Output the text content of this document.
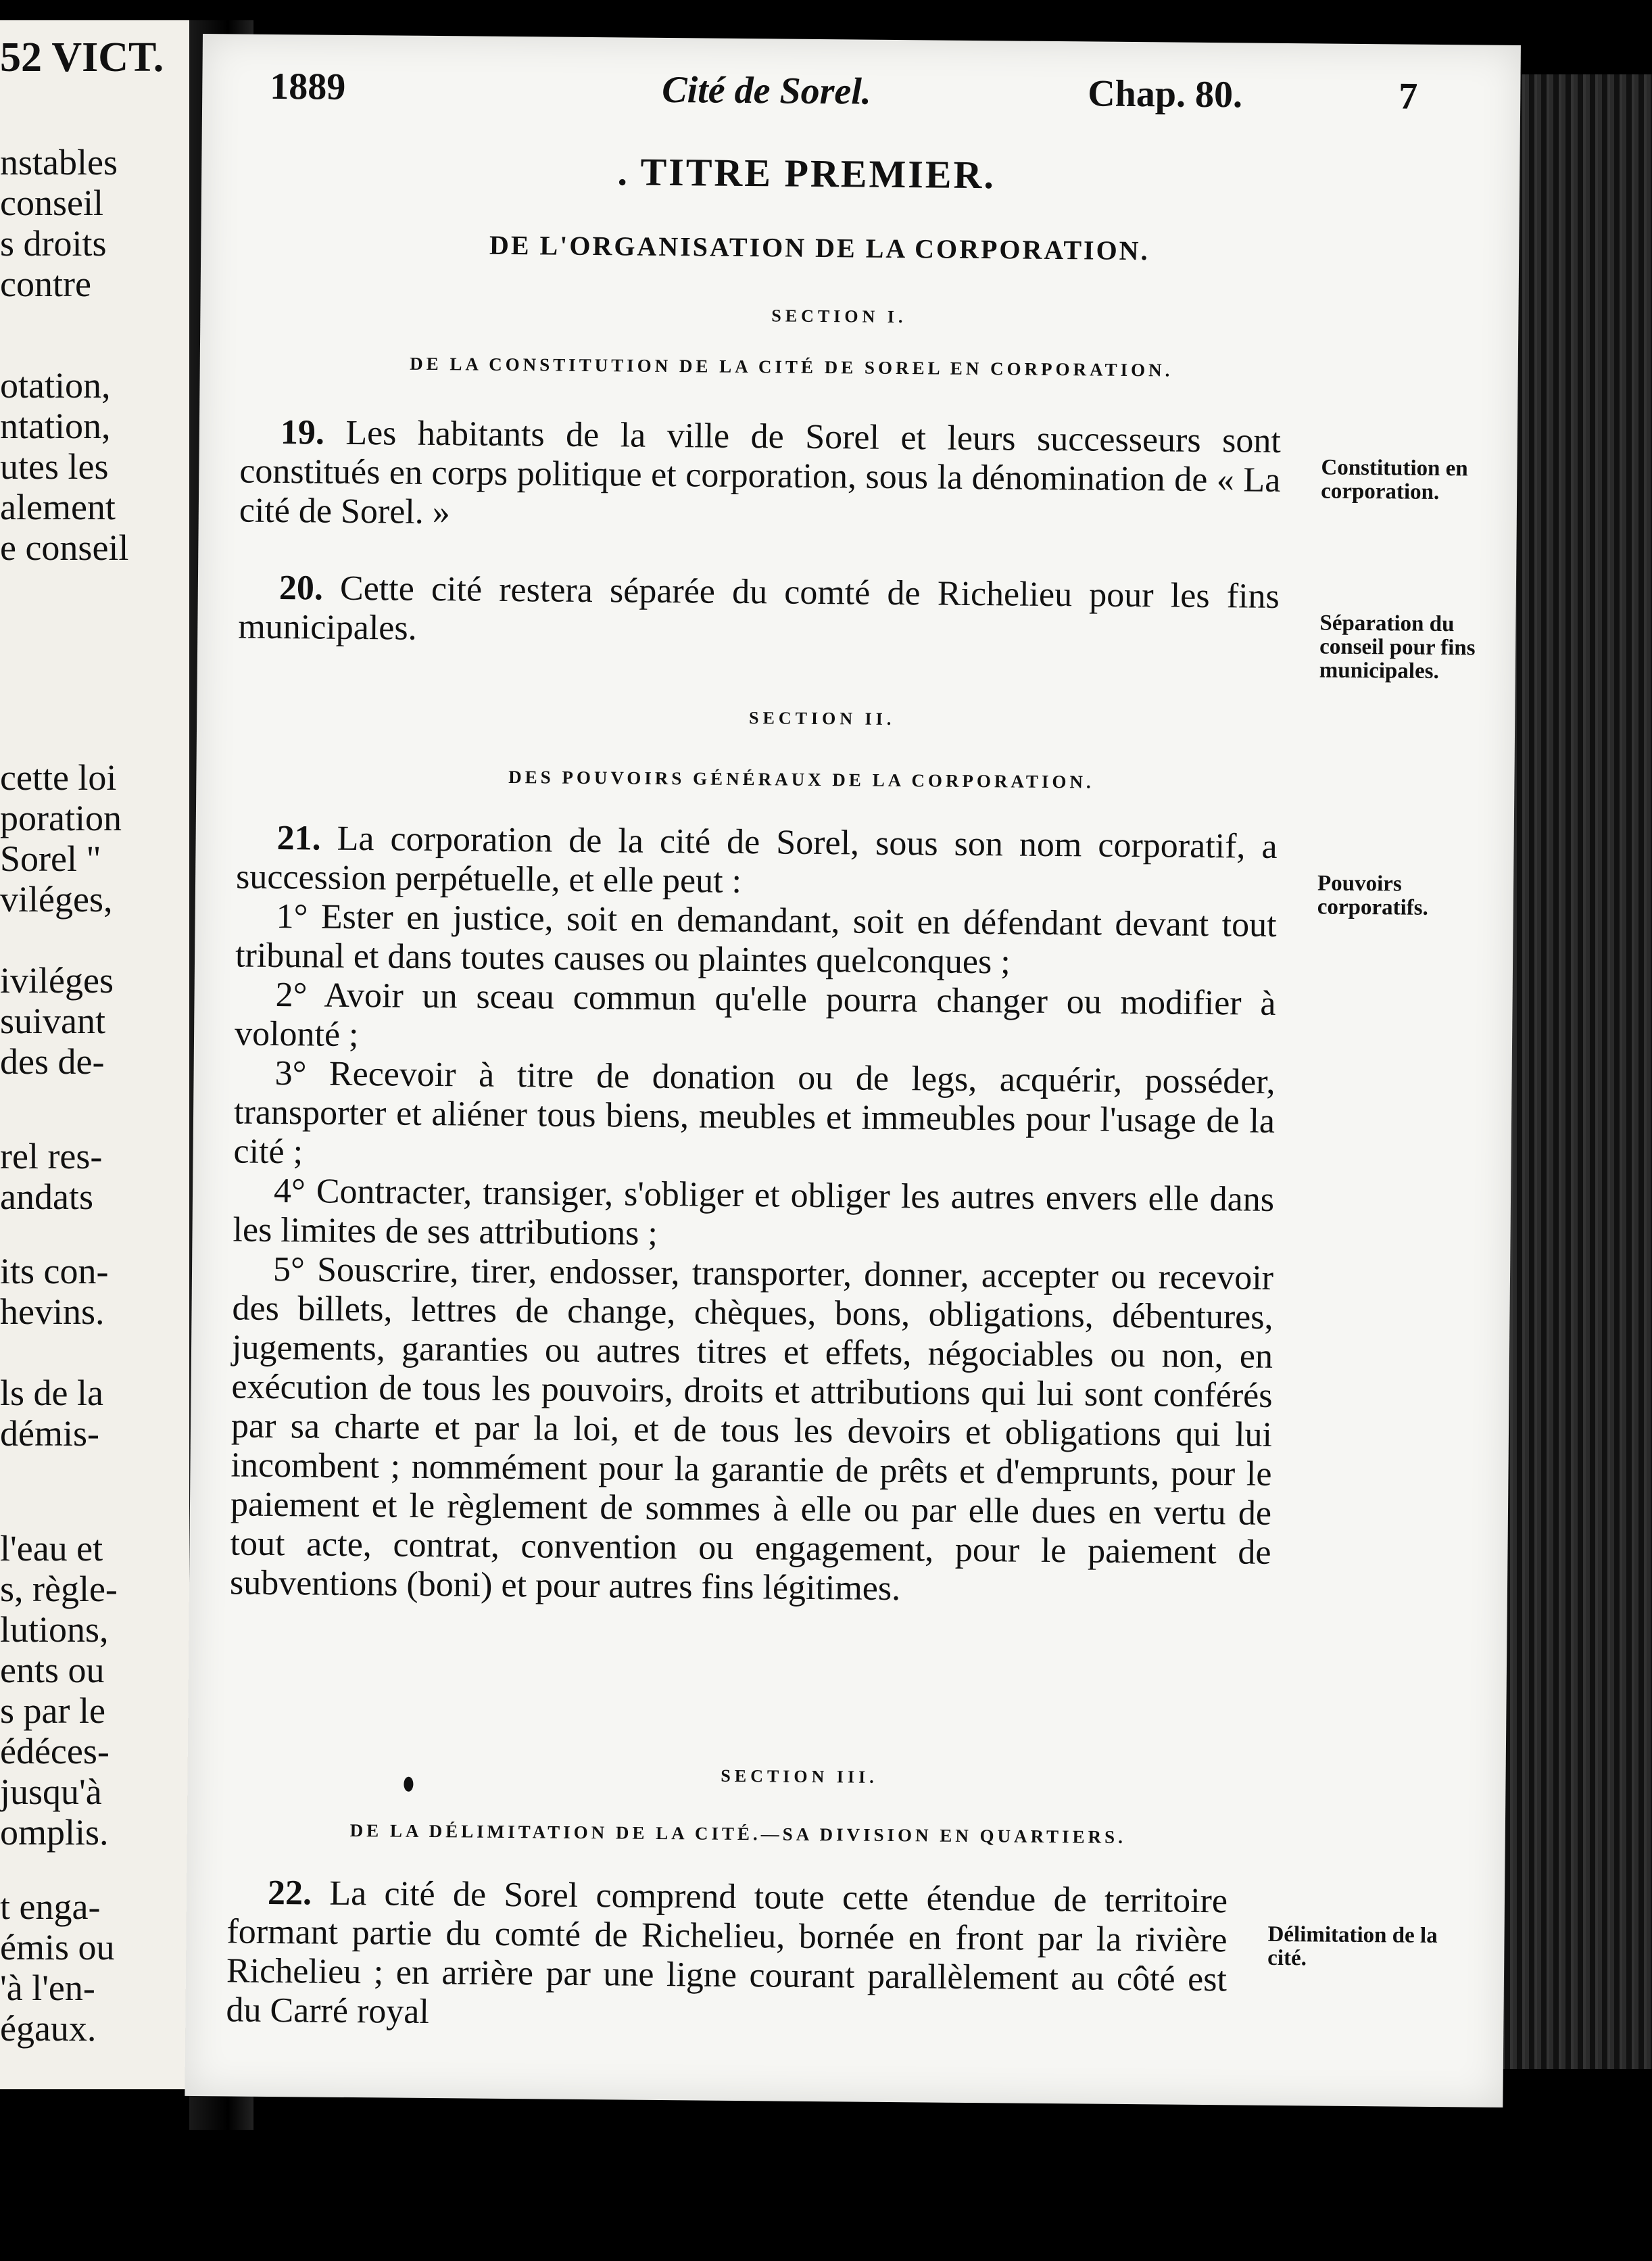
52 VICT.
nstables
conseil
s droits
contre
otation,
ntation,
utes les
alement
e conseil
cette loi
poration
Sorel "
viléges,
iviléges
suivant
des de-
rel res-
andats
its con-
hevins.
ls de la
démis-
l'eau et
s, règle-
lutions,
ents ou
s par le
édéces-
jusqu'à
omplis.
t enga-
émis ou
'à l'en-
égaux.
1889	Cité de Sorel.	Chap. 80.	7
. TITRE PREMIER.
DE L'ORGANISATION DE LA CORPORATION.
SECTION I.
DE LA CONSTITUTION DE LA CITÉ DE SOREL EN CORPORATION.
19. Les habitants de la ville de Sorel et leurs successeurs sont constitués en corps politique et corporation, sous la dénomination de « La cité de Sorel. »
Constitution en corporation.
20. Cette cité restera séparée du comté de Richelieu pour les fins municipales.	Séparation du conseil pour fins municipales.
SECTION II.
DES POUVOIRS GÉNÉRAUX DE LA CORPORATION.
21. La corporation de la cité de Sorel, sous son nom corporatif, a succession perpétuelle, et elle peut :

1° Ester en justice, soit en demandant, soit en défendant devant tout tribunal et dans toutes causes ou plaintes quelconques ;

2° Avoir un sceau commun qu'elle pourra changer ou modifier à volonté ;

3° Recevoir à titre de donation ou de legs, acquérir, posséder, transporter et aliéner tous biens, meubles et immeubles pour l'usage de la cité ;

4° Contracter, transiger, s'obliger et obliger les autres envers elle dans les limites de ses attributions ;

5° Souscrire, tirer, endosser, transporter, donner, accepter ou recevoir des billets, lettres de change, chèques, bons, obligations, débentures, jugements, garanties ou autres titres et effets, négociables ou non, en exécution de tous les pouvoirs, droits et attributions qui lui sont conférés par sa charte et par la loi, et de tous les devoirs et obligations qui lui incombent ; nommément pour la garantie de prêts et d'emprunts, pour le paiement et le règlement de sommes à elle ou par elle dues en vertu de tout acte, contrat, convention ou engagement, pour le paiement de subventions (boni) et pour autres fins légitimes.

Pouvoirs corporatifs.
SECTION III.
DE LA DÉLIMITATION DE LA CITÉ.—SA DIVISION EN QUARTIERS.
22. La cité de Sorel comprend toute cette étendue de territoire formant partie du comté de Richelieu, bornée en front par la rivière Richelieu ; en arrière par une ligne courant parallèlement au côté est du Carré royal
Délimitation de la cité.
